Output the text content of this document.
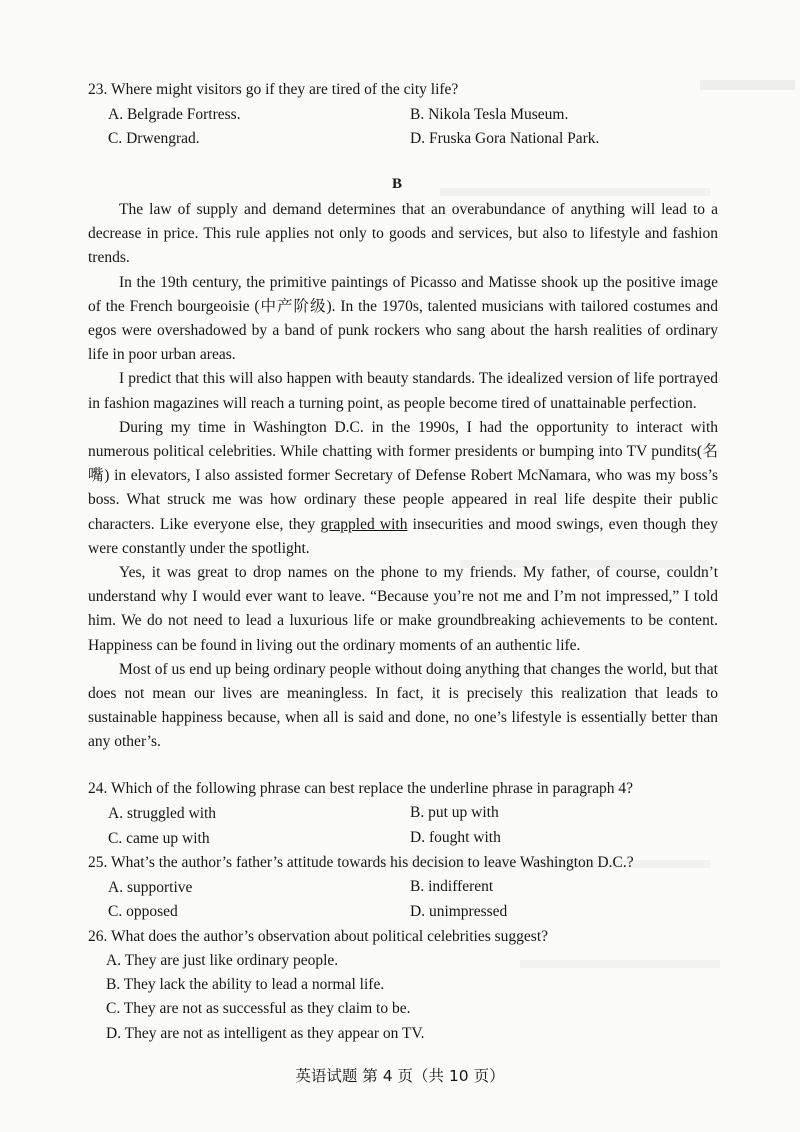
23. Where might visitors go if they are tired of the city life?
A. Belgrade Fortress.	B. Nikola Tesla Museum.
C. Drwengrad.	D. Fruska Gora National Park.
B

The law of supply and demand determines that an overabundance of anything will lead to a decrease in price. This rule applies not only to goods and services, but also to lifestyle and fashion trends.

In the 19th century, the primitive paintings of Picasso and Matisse shook up the positive image of the French bourgeoisie (中产阶级). In the 1970s, talented musicians with tailored costumes and egos were overshadowed by a band of punk rockers who sang about the harsh realities of ordinary life in poor urban areas.

I predict that this will also happen with beauty standards. The idealized version of life portrayed in fashion magazines will reach a turning point, as people become tired of unattainable perfection.

During my time in Washington D.C. in the 1990s, I had the opportunity to interact with numerous political celebrities. While chatting with former presidents or bumping into TV pundits(名嘴) in elevators, I also assisted former Secretary of Defense Robert McNamara, who was my boss’s boss. What struck me was how ordinary these people appeared in real life despite their public characters. Like everyone else, they grappled with insecurities and mood swings, even though they were constantly under the spotlight.

Yes, it was great to drop names on the phone to my friends. My father, of course, couldn’t understand why I would ever want to leave. “Because you’re not me and I’m not impressed,” I told him. We do not need to lead a luxurious life or make groundbreaking achievements to be content. Happiness can be found in living out the ordinary moments of an authentic life.

Most of us end up being ordinary people without doing anything that changes the world, but that does not mean our lives are meaningless. In fact, it is precisely this realization that leads to sustainable happiness because, when all is said and done, no one’s lifestyle is essentially better than any other’s.

24. Which of the following phrase can best replace the underline phrase in paragraph 4?
A. struggled with	B. put up with
C. came up with	D. fought with
25. What’s the author’s father’s attitude towards his decision to leave Washington D.C.?
A. supportive	B. indifferent
C. opposed	D. unimpressed
26. What does the author’s observation about political celebrities suggest?
A. They are just like ordinary people.
B. They lack the ability to lead a normal life.
C. They are not as successful as they claim to be.
D. They are not as intelligent as they appear on TV.
英语试题 第 4 页（共 10 页）
